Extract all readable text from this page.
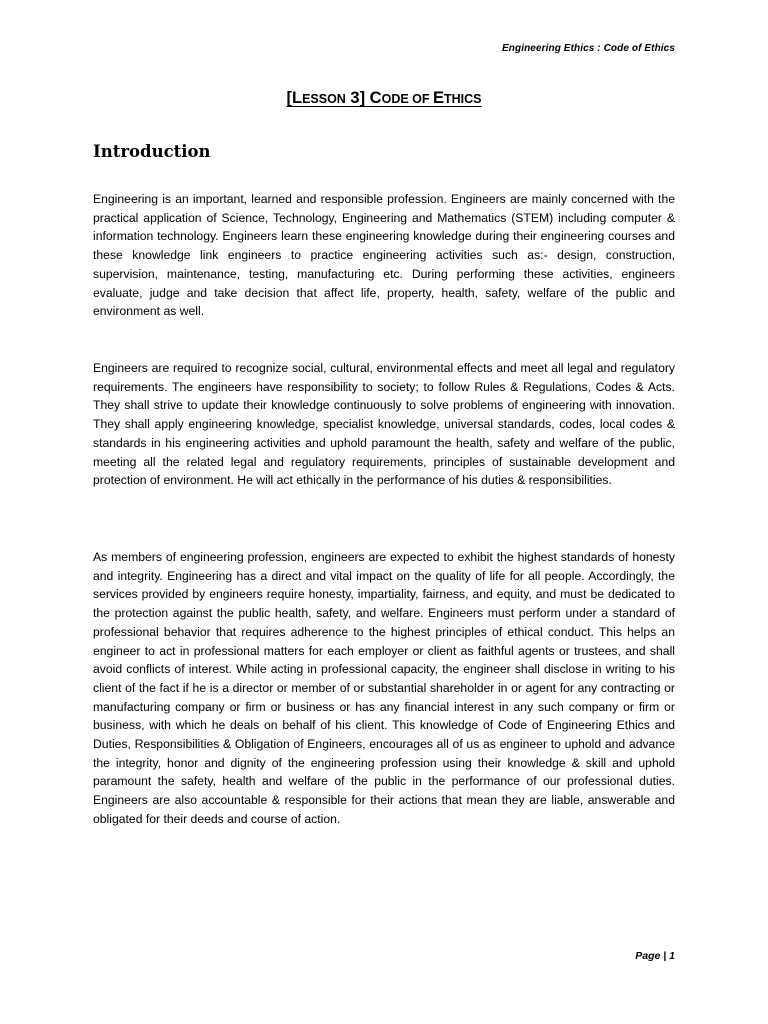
Engineering Ethics : Code of Ethics
[LESSON 3] CODE OF ETHICS
Introduction

Engineering is an important, learned and responsible profession. Engineers are mainly concerned with the practical application of Science, Technology, Engineering and Mathematics (STEM) including computer & information technology. Engineers learn these engineering knowledge during their engineering courses and these knowledge link engineers to practice engineering activities such as:- design, construction, supervision, maintenance, testing, manufacturing etc. During performing these activities, engineers evaluate, judge and take decision that affect life, property, health, safety, welfare of the public and environment as well.

Engineers are required to recognize social, cultural, environmental effects and meet all legal and regulatory requirements. The engineers have responsibility to society; to follow Rules & Regulations, Codes & Acts. They shall strive to update their knowledge continuously to solve problems of engineering with innovation. They shall apply engineering knowledge, specialist knowledge, universal standards, codes, local codes & standards in his engineering activities and uphold paramount the health, safety and welfare of the public, meeting all the related legal and regulatory requirements, principles of sustainable development and protection of environment. He will act ethically in the performance of his duties & responsibilities.

As members of engineering profession, engineers are expected to exhibit the highest standards of honesty and integrity. Engineering has a direct and vital impact on the quality of life for all people. Accordingly, the services provided by engineers require honesty, impartiality, fairness, and equity, and must be dedicated to the protection against the public health, safety, and welfare. Engineers must perform under a standard of professional behavior that requires adherence to the highest principles of ethical conduct. This helps an engineer to act in professional matters for each employer or client as faithful agents or trustees, and shall avoid conflicts of interest. While acting in professional capacity, the engineer shall disclose in writing to his client of the fact if he is a director or member of or substantial shareholder in or agent for any contracting or manufacturing company or firm or business or has any financial interest in any such company or firm or business, with which he deals on behalf of his client. This knowledge of Code of Engineering Ethics and Duties, Responsibilities & Obligation of Engineers, encourages all of us as engineer to uphold and advance the integrity, honor and dignity of the engineering profession using their knowledge & skill and uphold paramount the safety, health and welfare of the public in the performance of our professional duties. Engineers are also accountable & responsible for their actions that mean they are liable, answerable and obligated for their deeds and course of action.

Page | 1
